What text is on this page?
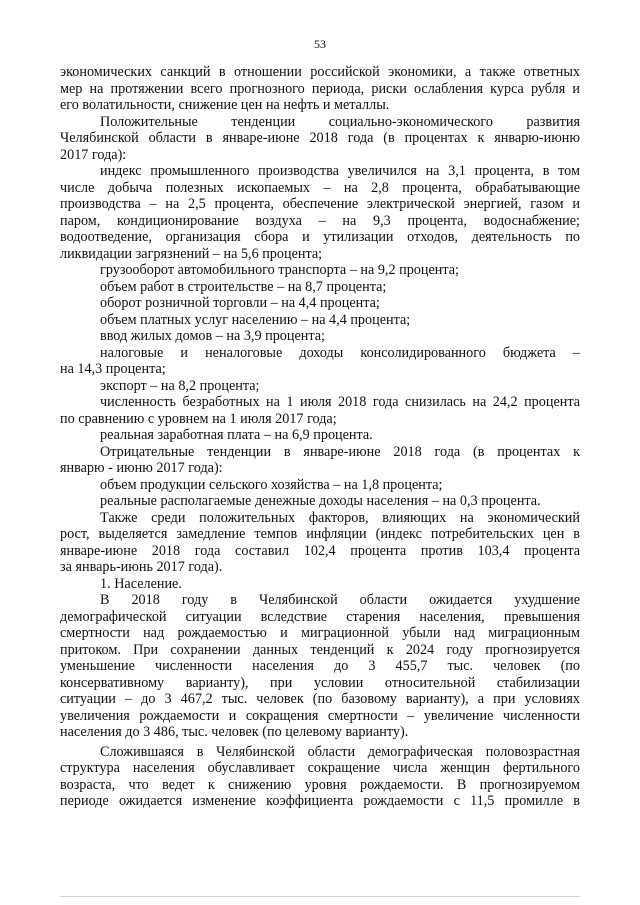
53
экономических санкций в отношении российской экономики, а также ответных
мер на протяжении всего прогнозного периода, риски ослабления курса рубля и
его волатильности, снижение цен на нефть и металлы.
Положительные тенденции социально-экономического развития
Челябинской области в январе-июне 2018 года (в процентах к январю-июню
2017 года):
индекс промышленного производства увеличился на 3,1 процента, в том
числе добыча полезных ископаемых – на 2,8 процента, обрабатывающие
производства – на 2,5 процента, обеспечение электрической энергией, газом и
паром, кондиционирование воздуха – на 9,3 процента, водоснабжение;
водоотведение, организация сбора и утилизации отходов, деятельность по
ликвидации загрязнений – на 5,6 процента;
грузооборот автомобильного транспорта – на 9,2 процента;
объем работ в строительстве – на 8,7 процента;
оборот розничной торговли – на 4,4 процента;
объем платных услуг населению – на 4,4 процента;
ввод жилых домов – на 3,9 процента;
налоговые и неналоговые доходы консолидированного бюджета –
на 14,3 процента;
экспорт – на 8,2 процента;
численность безработных на 1 июля 2018 года снизилась на 24,2 процента
по сравнению с уровнем на 1 июля 2017 года;
реальная заработная плата – на 6,9 процента.
Отрицательные тенденции в январе-июне 2018 года (в процентах к
январю - июню 2017 года):
объем продукции сельского хозяйства – на 1,8 процента;
реальные располагаемые денежные доходы населения – на 0,3 процента.
Также среди положительных факторов, влияющих на экономический
рост, выделяется замедление темпов инфляции (индекс потребительских цен в
январе-июне 2018 года составил 102,4 процента против 103,4 процента
за январь-июнь 2017 года).
1. Население.
В 2018 году в Челябинской области ожидается ухудшение
демографической ситуации вследствие старения населения, превышения
смертности над рождаемостью и миграционной убыли над миграционным
притоком. При сохранении данных тенденций к 2024 году прогнозируется
уменьшение численности населения до 3 455,7 тыс. человек (по
консервативному варианту), при условии относительной стабилизации
ситуации – до 3 467,2 тыс. человек (по базовому варианту), а при условиях
увеличения рождаемости и сокращения смертности – увеличение численности
населения до 3 486, тыс. человек (по целевому варианту).
Сложившаяся в Челябинской области демографическая половозрастная
структура населения обуславливает сокращение числа женщин фертильного
возраста, что ведет к снижению уровня рождаемости. В прогнозируемом
периоде ожидается изменение коэффициента рождаемости с 11,5 промилле в
